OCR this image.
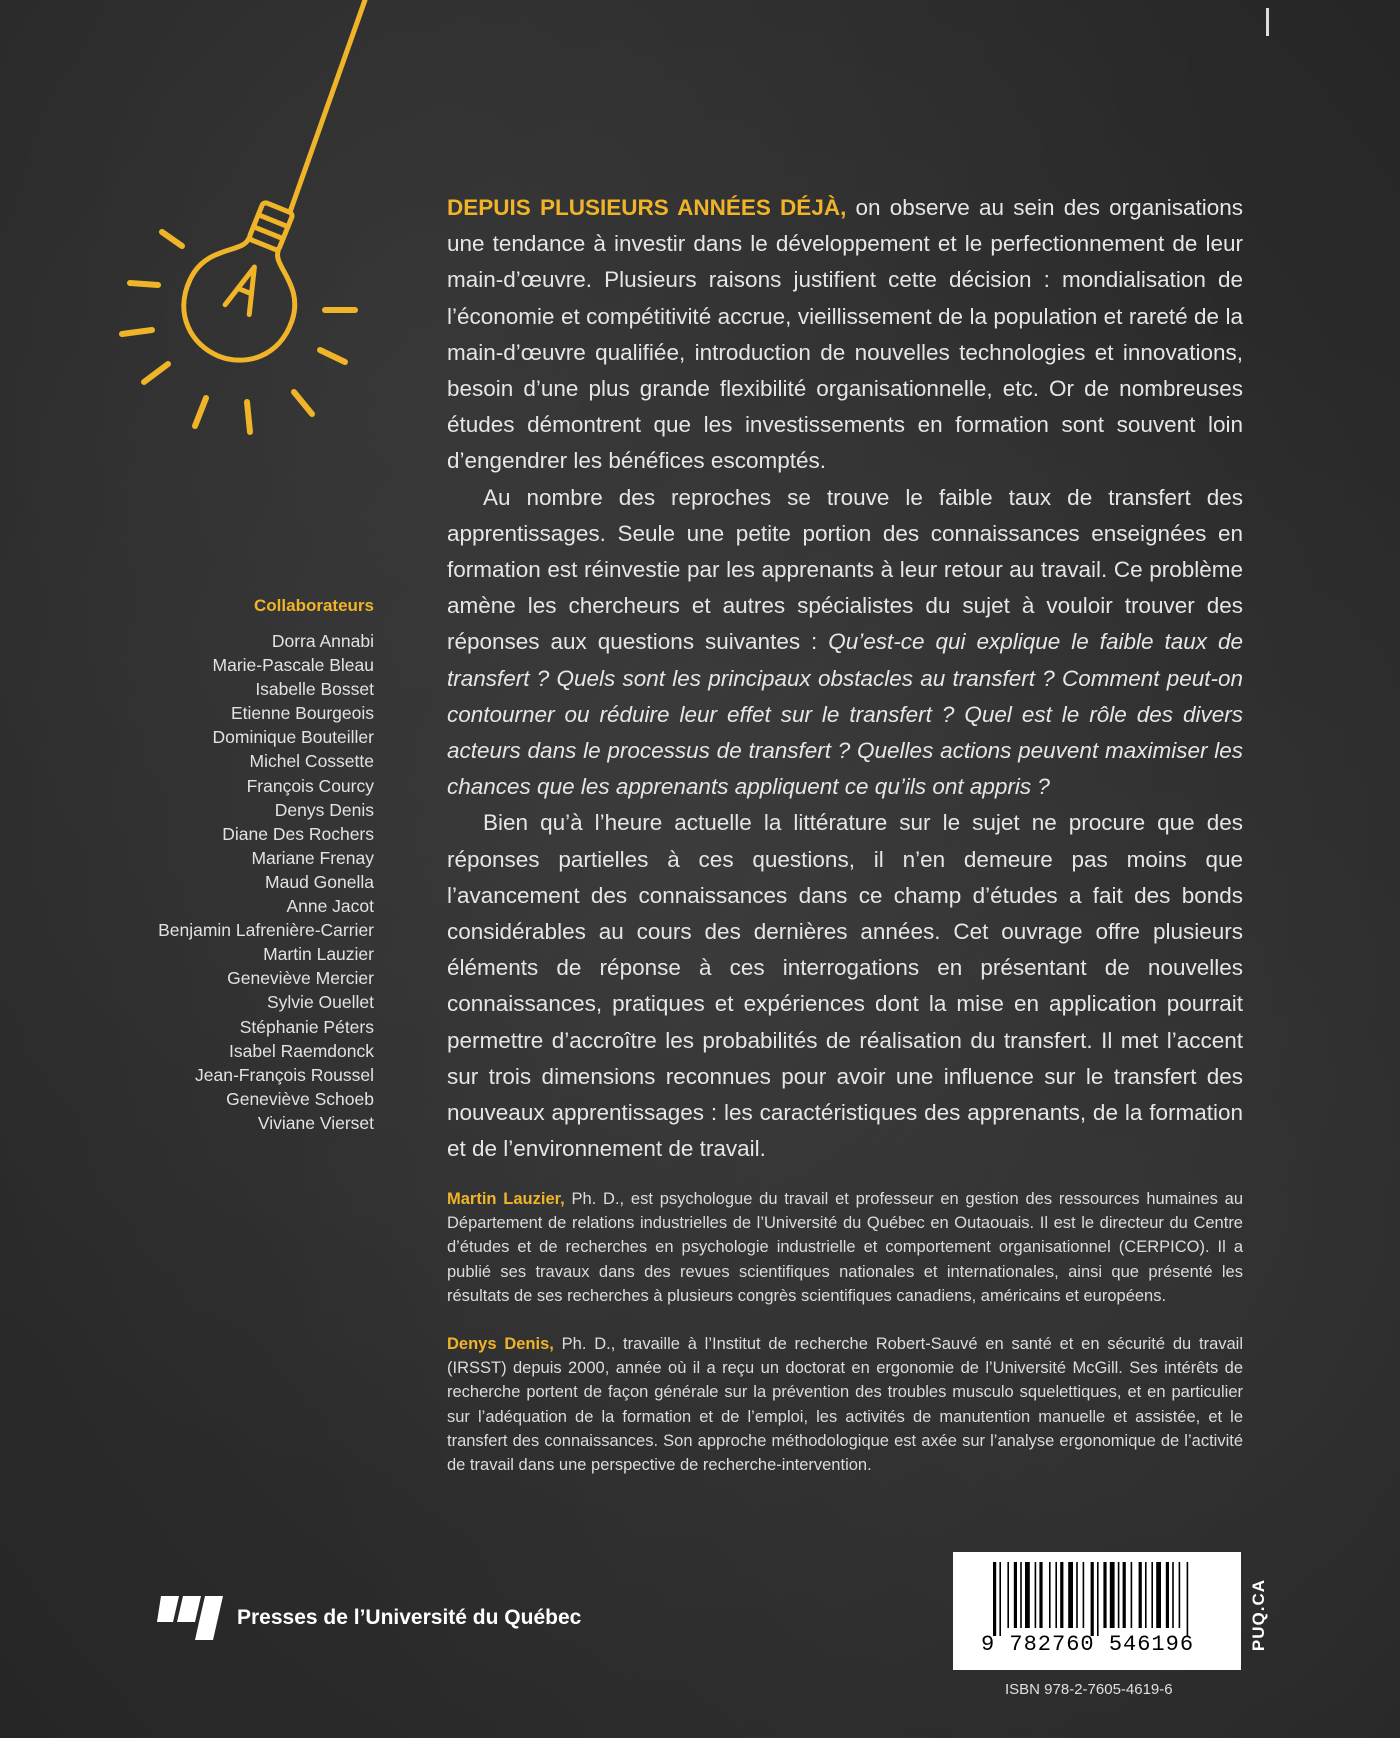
Collaborateurs
Dorra Annabi
Marie-Pascale Bleau
Isabelle Bosset
Etienne Bourgeois
Dominique Bouteiller
Michel Cossette
François Courcy
Denys Denis
Diane Des Rochers
Mariane Frenay
Maud Gonella
Anne Jacot
Benjamin Lafrenière-Carrier
Martin Lauzier
Geneviève Mercier
Sylvie Ouellet
Stéphanie Péters
Isabel Raemdonck
Jean-François Roussel
Geneviève Schoeb
Viviane Vierset

DEPUIS PLUSIEURS ANNÉES DÉJÀ, on observe au sein des organisations une tendance à investir dans le développement et le perfectionnement de leur main-d’œuvre. Plusieurs raisons justifient cette décision : mondialisation de l’économie et compétitivité accrue, vieillissement de la population et rareté de la main-d’œuvre qualifiée, introduction de nouvelles technologies et innovations, besoin d’une plus grande flexibilité organisationnelle, etc. Or de nombreuses études démontrent que les investissements en formation sont souvent loin d’engendrer les bénéfices escomptés.

Au nombre des reproches se trouve le faible taux de transfert des apprentissages. Seule une petite portion des connaissances enseignées en formation est réinvestie par les apprenants à leur retour au travail. Ce problème amène les chercheurs et autres spécialistes du sujet à vouloir trouver des réponses aux questions suivantes : Qu’est-ce qui explique le faible taux de transfert ? Quels sont les principaux obstacles au transfert ? Comment peut-on contourner ou réduire leur effet sur le transfert ? Quel est le rôle des divers acteurs dans le processus de transfert ? Quelles actions peuvent maximiser les chances que les apprenants appliquent ce qu’ils ont appris ?

Bien qu’à l’heure actuelle la littérature sur le sujet ne procure que des réponses partielles à ces questions, il n’en demeure pas moins que l’avancement des connaissances dans ce champ d’études a fait des bonds considérables au cours des dernières années. Cet ouvrage offre plusieurs éléments de réponse à ces interrogations en présentant de nouvelles connaissances, pratiques et expériences dont la mise en application pourrait permettre d’accroître les probabilités de réalisation du transfert. Il met l’accent sur trois dimensions reconnues pour avoir une influence sur le transfert des nouveaux apprentissages : les caractéristiques des apprenants, de la formation et de l’environnement de travail.

Martin Lauzier, Ph. D., est psychologue du travail et professeur en gestion des ressources humaines au Département de relations industrielles de l’Université du Québec en Outaouais. Il est le directeur du Centre d’études et de recherches en psychologie industrielle et comportement organisationnel (CERPICO). Il a publié ses travaux dans des revues scientifiques nationales et internationales, ainsi que présenté les résultats de ses recherches à plusieurs congrès scientifiques canadiens, américains et européens.

Denys Denis, Ph. D., travaille à l’Institut de recherche Robert-Sauvé en santé et en sécurité du travail (IRSST) depuis 2000, année où il a reçu un doctorat en ergonomie de l’Université McGill. Ses intérêts de recherche portent de façon générale sur la prévention des troubles musculo squelettiques, et en particulier sur l’adéquation de la formation et de l’emploi, les activités de manutention manuelle et assistée, et le transfert des connaissances. Son approche méthodologique est axée sur l’analyse ergonomique de l’activité de travail dans une perspective de recherche-intervention.

Presses de l’Université du Québec
9 782760 546196	PUQ.CA
ISBN 978-2-7605-4619-6
